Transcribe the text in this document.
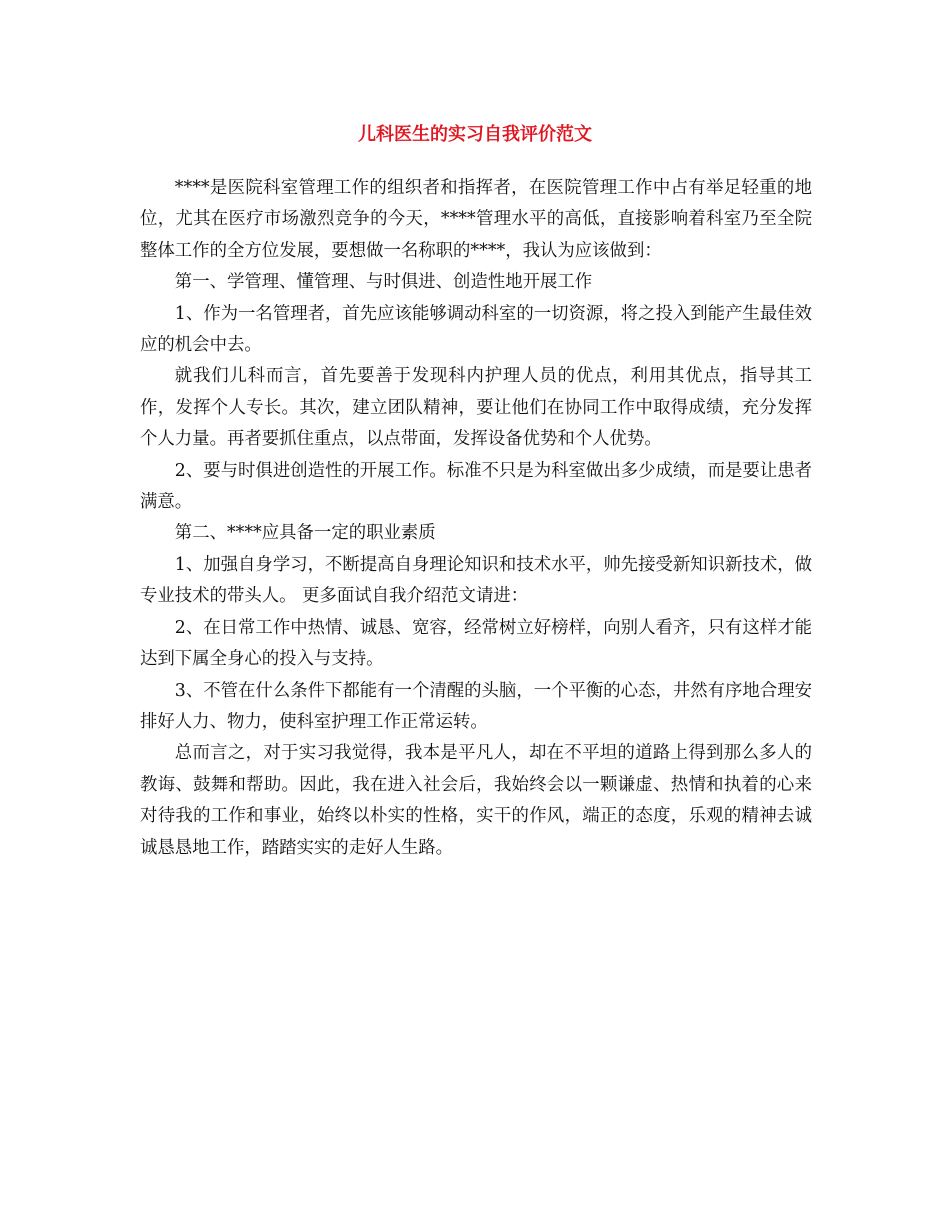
儿科医生的实习自我评价范文

****是医院科室管理工作的组织者和指挥者，在医院管理工作中占有举足轻重的地位，尤其在医疗市场激烈竞争的今天，****管理水平的高低，直接影响着科室乃至全院整体工作的全方位发展，要想做一名称职的****，我认为应该做到：

第一、学管理、懂管理、与时俱进、创造性地开展工作

1、作为一名管理者，首先应该能够调动科室的一切资源，将之投入到能产生最佳效应的机会中去。

就我们儿科而言，首先要善于发现科内护理人员的优点，利用其优点，指导其工作，发挥个人专长。其次，建立团队精神，要让他们在协同工作中取得成绩，充分发挥个人力量。再者要抓住重点，以点带面，发挥设备优势和个人优势。

2、要与时俱进创造性的开展工作。标准不只是为科室做出多少成绩，而是要让患者满意。

第二、****应具备一定的职业素质

1、加强自身学习，不断提高自身理论知识和技术水平，帅先接受新知识新技术，做专业技术的带头人。 更多面试自我介绍范文请进：

2、在日常工作中热情、诚恳、宽容，经常树立好榜样，向别人看齐，只有这样才能达到下属全身心的投入与支持。

3、不管在什么条件下都能有一个清醒的头脑，一个平衡的心态，井然有序地合理安排好人力、物力，使科室护理工作正常运转。

总而言之，对于实习我觉得，我本是平凡人，却在不平坦的道路上得到那么多人的教诲、鼓舞和帮助。因此，我在进入社会后，我始终会以一颗谦虚、热情和执着的心来对待我的工作和事业，始终以朴实的性格，实干的作风，端正的态度，乐观的精神去诚诚恳恳地工作，踏踏实实的走好人生路。
